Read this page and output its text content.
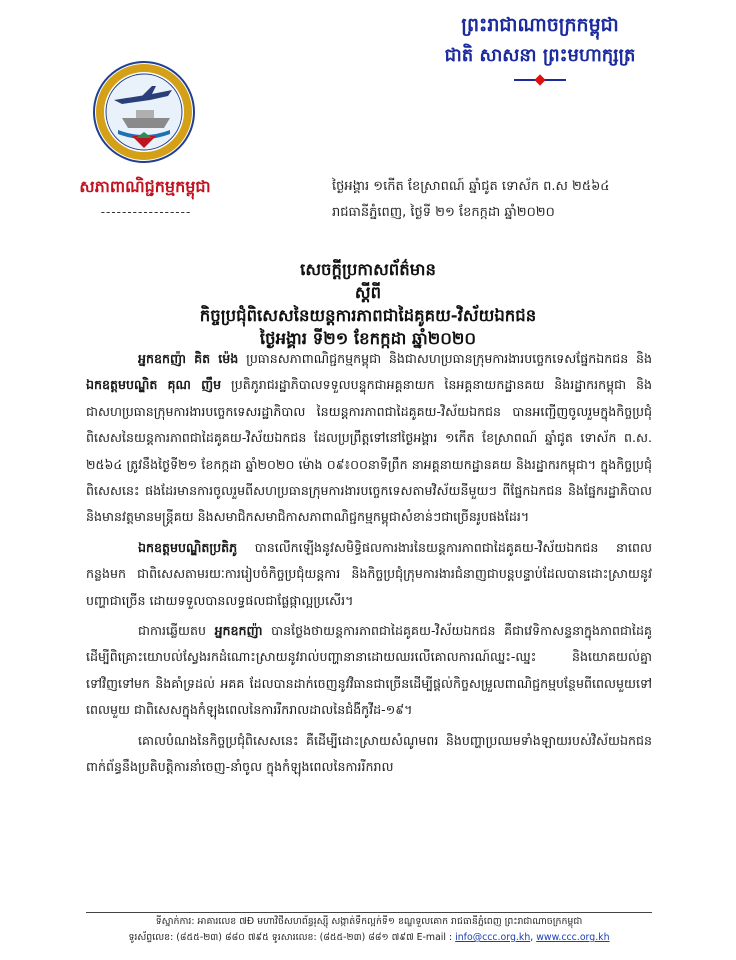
ព្រះរាជាណាចក្រកម្ពុជា
ជាតិ សាសនា ព្រះមហាក្សត្រ
សភាពាណិជ្ជកម្មកម្ពុជា
-----------------
ថ្ងៃអង្គារ ១កើត ខែស្រាពណ៍ ឆ្នាំជូត ទោស័ក ព.ស ២៥៦៤
រាជធានីភ្នំពេញ, ថ្ងៃទី ២១ ខែកក្កដា ឆ្នាំ២០២០
សេចក្តីប្រកាសព័ត៌មាន
ស្តីពី
កិច្ចប្រជុំពិសេសនៃយន្តការភាពជាដៃគូគយ-វិស័យឯកជន
ថ្ងៃអង្គារ ទី២១ ខែកក្កដា ឆ្នាំ២០២០

អ្នកឧកញ៉ា គិត ម៉េង ប្រធានសភាពាណិជ្ជកម្មកម្ពុជា និងជាសហប្រធានក្រុមការងារបច្ចេកទេសផ្នែកឯកជន និង ឯកឧត្តមបណ្ឌិត គុណ ញឹម ប្រតិភូរាជរដ្ឋាភិបាលទទួលបន្ទុកជាអគ្គនាយក នៃអគ្គនាយកដ្ឋានគយ និងរដ្ឋាករកម្ពុជា និងជាសហប្រធានក្រុមការងារបច្ចេកទេសរដ្ឋាភិបាល នៃយន្តការភាពជាដៃគូគយ-វិស័យឯកជន បានអញ្ជើញចូលរួមក្នុងកិច្ចប្រជុំពិសេសនៃយន្តការភាពជាដៃគូគយ-វិស័យឯកជន ដែលប្រព្រឹត្តទៅនៅថ្ងៃអង្គារ ១កើត ខែស្រាពណ៍ ឆ្នាំជូត ទោស័ក ព.ស. ២៥៦៤ ត្រូវនឹងថ្ងៃទី២១ ខែកក្កដា ឆ្នាំ២០២០ ម៉ោង ០៩៖០០នាទីព្រឹក នាអគ្គនាយកដ្ឋានគយ និងរដ្ឋាករកម្ពុជា។ ក្នុងកិច្ចប្រជុំពិសេសនេះ ផងដែរមានការចូលរួមពីសហប្រធានក្រុមការងារបច្ចេកទេសតាមវិស័យនីមួយៗ ពីផ្នែកឯកជន និងផ្នែករដ្ឋាភិបាល និងមានវត្តមានមន្ត្រីគយ និងសមាជិកសមាជិកាសភាពាណិជ្ជកម្មកម្ពុជាសំខាន់ៗជាច្រើនរូបផងដែរ។

ឯកឧត្តមបណ្ឌិតប្រតិភូ បានលើកឡើងនូវសមិទ្ធិផលការងារនៃយន្តការភាពជាដៃគូគយ-វិស័យឯកជន នាពេលកន្លងមក ជាពិសេសតាមរយៈការរៀបចំកិច្ចប្រជុំយន្តការ និងកិច្ចប្រជុំក្រុមការងារជំនាញជាបន្តបន្ទាប់ដែលបានដោះស្រាយនូវបញ្ហាជាច្រើន ដោយទទួលបានលទ្ធផលជាផ្លែផ្កាល្អប្រសើរ។

ជាការឆ្លើយតប អ្នកឧកញ៉ា បានថ្លែងថាយន្តការភាពជាដៃគូគយ-វិស័យឯកជន គឺជាវេទិកាសន្ទនាក្នុងភាពជាដៃគូ ដើម្បីពិគ្រោះយោបល់ស្វែងរកដំណោះស្រាយនូវរាល់បញ្ហានានាដោយឈរលើគោលការណ៍ឈ្នះ-ឈ្នះ និងយោគយល់គ្នាទៅវិញទៅមក និងគាំទ្រដល់ អគគ ដែលបានដាក់ចេញនូវវិធានជាច្រើនដើម្បីផ្តល់កិច្ចសម្រួលពាណិជ្ជកម្មបន្ថែមពីពេលមួយទៅពេលមួយ ជាពិសេសក្នុងកំឡុងពេលនៃការរីករាលដាលនៃជំងឺកូវីដ-១៩។

គោលបំណងនៃកិច្ចប្រជុំពិសេសនេះ គឺដើម្បីដោះស្រាយសំណូមពរ និងបញ្ហាប្រឈមទាំងឡាយរបស់វិស័យឯកជនពាក់ព័ន្ធនឹងប្រតិបត្តិការនាំចេញ-នាំចូល ក្នុងកំឡុងពេលនៃការរីករាល

ទីស្នាក់ការ: អាគារលេខ ៧Ð មហាវិថីសហព័ន្ធរុស្ស៊ី សង្កាត់ទឹកល្អក់ទី១ ខណ្ឌទួលគោក រាជធានីភ្នំពេញ ព្រះរាជាណាចក្រកម្ពុជា
ទូរស័ព្ទលេខ: (៨៥៥-២៣) ៨៨០ ៧៩៥ ទូរសារលេខ: (៨៥៥-២៣) ៨៨១ ៧៩៧ E-mail : info@ccc.org.kh, www.ccc.org.kh
